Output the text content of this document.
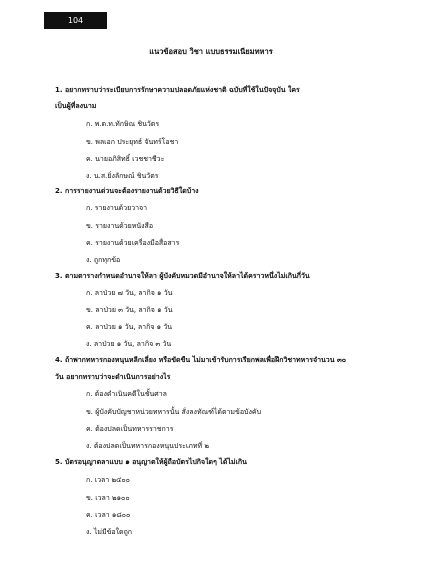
104
แนวข้อสอบ วิชา แบบธรรมเนียมทหาร
1. อยากทราบว่าระเบียบการรักษาความปลอดภัยแห่งชาติ ฉบับที่ใช้ในปัจจุบัน ใคร
เป็นผู้ที่ลงนาม
ก. พ.ต.ท.ทักษิณ ชินวัตร
ข. พลเอก ประยุทธ์ จันทร์โอชา
ค. นายอภิสิทธิ์ เวชชาชีวะ
ง. น.ส.ยิ่งลักษณ์ ชินวัตร
2. การรายงานด่วนจะต้องรายงานด้วยวิธีใดบ้าง
ก. รายงานด้วยวาจา
ข. รายงานด้วยหนังสือ
ค. รายงานด้วยเครื่องมือสื่อสาร
ง. ถูกทุกข้อ
3. ตามตารางกำหนดอำนาจให้ลา ผู้บังคับหมวดมีอำนาจให้ลาได้คราวหนึ่งไม่เกินกี่วัน
ก. ลาป่วย ๗ วัน, ลากิจ ๑ วัน
ข. ลาป่วย ๓ วัน, ลากิจ ๑ วัน
ค. ลาป่วย ๑ วัน, ลากิจ ๑ วัน
ง. ลาป่วย ๑ วัน, ลากิจ ๓ วัน
4. ถ้าพากทหารกองหนุนหลีกเลี่ยง หรือขัดขืน ไม่มาเข้ารับการเรียกพลเพื่อฝึกวิชาทหารจำนวน ๓๐
วัน อยากทราบว่าจะดำเนินการอย่างไร
ก. ต้องดำเนินคดีในชั้นศาล
ข. ผู้บังคับบัญชาหน่วยทหารนั้น สั่งลงทัณฑ์ได้ตามข้อบังคับ
ค. ต้องปลดเป็นทหารราชการ
ง. ต้องปลดเป็นทหารกองหนุนประเภทที่ ๒
5. บัตรอนุญาตลาแบบ ๑ อนุญาตให้ผู้ถือบัตรไปกิจใดๆ ได้ไม่เกิน
ก. เวลา ๒๔๐๐
ข. เวลา ๒๑๐๐
ค. เวลา ๑๘๐๐
ง. ไม่มีข้อใดถูก
